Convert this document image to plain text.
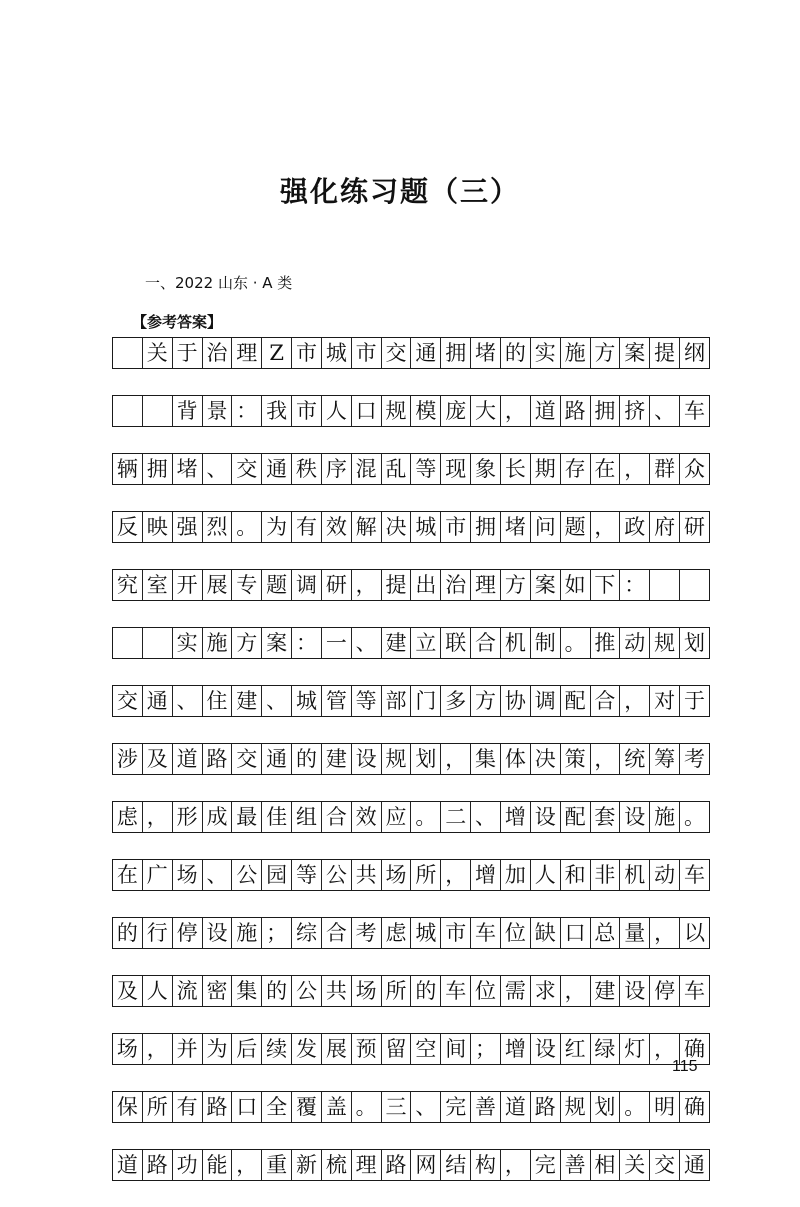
强化练习题（三）
一、2022 山东 · A 类
【参考答案】
关 于 治 理 Z 市 城 市 交 通 拥 堵 的 实 施 方 案 提 纲
背 景 ： 我 市 人 口 规 模 庞 大 ， 道 路 拥 挤 、 车
辆 拥 堵 、 交 通 秩 序 混 乱 等 现 象 长 期 存 在 ， 群 众
反 映 强 烈 。 为 有 效 解 决 城 市 拥 堵 问 题 ， 政 府 研
究 室 开 展 专 题 调 研 ， 提 出 治 理 方 案 如 下 ：
实 施 方 案 ： 一 、 建 立 联 合 机 制 。 推 动 规 划
交 通 、 住 建 、 城 管 等 部 门 多 方 协 调 配 合 ， 对 于
涉 及 道 路 交 通 的 建 设 规 划 ， 集 体 决 策 ， 统 筹 考
虑 ， 形 成 最 佳 组 合 效 应 。 二 、 增 设 配 套 设 施 。
在 广 场 、 公 园 等 公 共 场 所 ， 增 加 人 和 非 机 动 车
的 行 停 设 施 ； 综 合 考 虑 城 市 车 位 缺 口 总 量 ， 以
及 人 流 密 集 的 公 共 场 所 的 车 位 需 求 ， 建 设 停 车
场 ， 并 为 后 续 发 展 预 留 空 间 ； 增 设 红 绿 灯 ， 确
保 所 有 路 口 全 覆 盖 。 三 、 完 善 道 路 规 划 。 明 确
道 路 功 能 ， 重 新 梳 理 路 网 结 构 ， 完 善 相 关 交 通
115
